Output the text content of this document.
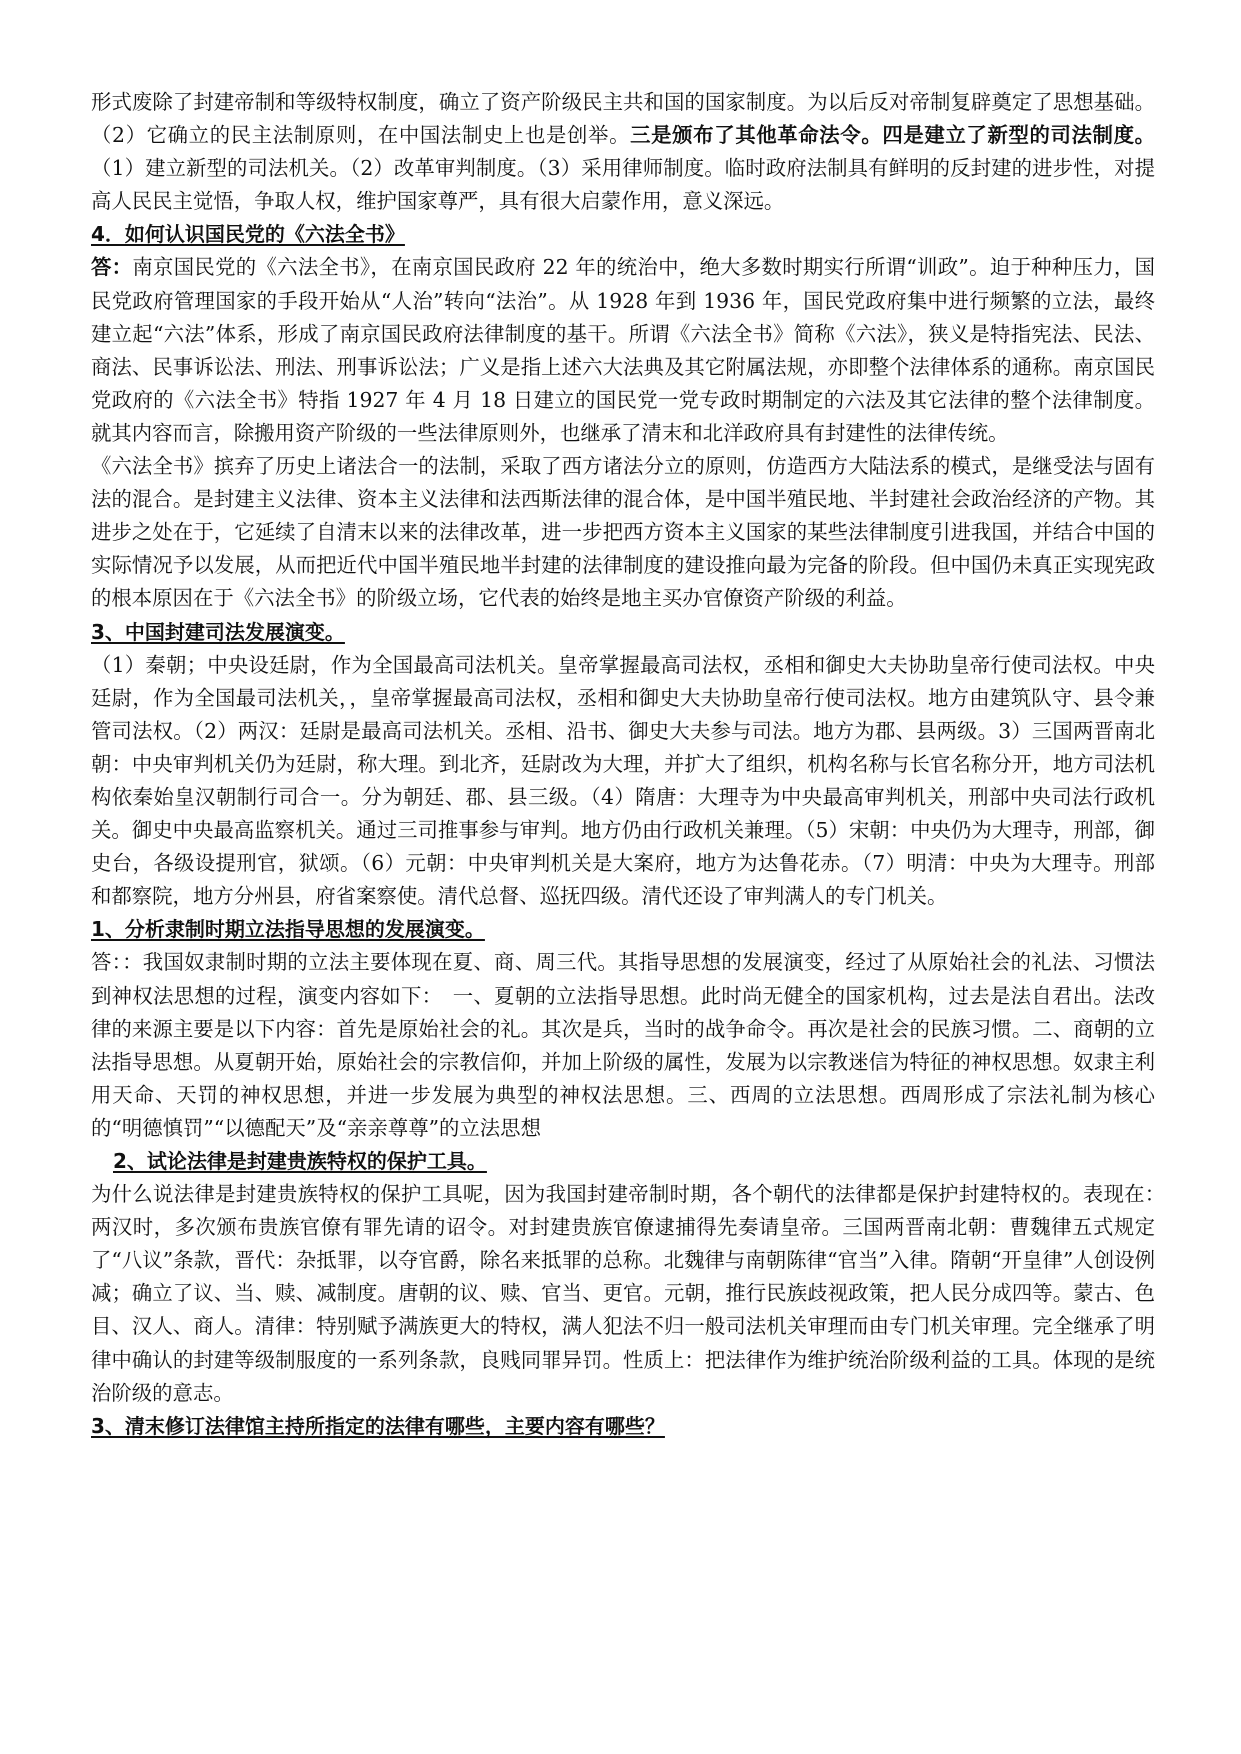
形式废除了封建帝制和等级特权制度，确立了资产阶级民主共和国的国家制度。为以后反对帝制复辟奠定了思想基础。（2）它确立的民主法制原则，在中国法制史上也是创举。三是颁布了其他革命法令。四是建立了新型的司法制度。（1）建立新型的司法机关。（2）改革审判制度。（3）采用律师制度。临时政府法制具有鲜明的反封建的进步性，对提高人民民主觉悟，争取人权，维护国家尊严，具有很大启蒙作用，意义深远。

4．如何认识国民党的《六法全书》

答：南京国民党的《六法全书》，在南京国民政府 22 年的统治中，绝大多数时期实行所谓“训政”。迫于种种压力，国民党政府管理国家的手段开始从“人治”转向“法治”。从 1928 年到 1936 年，国民党政府集中进行频繁的立法，最终建立起“六法”体系，形成了南京国民政府法律制度的基干。所谓《六法全书》简称《六法》，狭义是特指宪法、民法、商法、民事诉讼法、刑法、刑事诉讼法；广义是指上述六大法典及其它附属法规，亦即整个法律体系的通称。南京国民党政府的《六法全书》特指 1927 年 4 月 18 日建立的国民党一党专政时期制定的六法及其它法律的整个法律制度。就其内容而言，除搬用资产阶级的一些法律原则外，也继承了清末和北洋政府具有封建性的法律传统。

《六法全书》摈弃了历史上诸法合一的法制，采取了西方诸法分立的原则，仿造西方大陆法系的模式，是继受法与固有法的混合。是封建主义法律、资本主义法律和法西斯法律的混合体，是中国半殖民地、半封建社会政治经济的产物。其进步之处在于，它延续了自清末以来的法律改革，进一步把西方资本主义国家的某些法律制度引进我国，并结合中国的实际情况予以发展，从而把近代中国半殖民地半封建的法律制度的建设推向最为完备的阶段。但中国仍未真正实现宪政的根本原因在于《六法全书》的阶级立场，它代表的始终是地主买办官僚资产阶级的利益。

3、中国封建司法发展演变。

（1）秦朝；中央设廷尉，作为全国最高司法机关。皇帝掌握最高司法权，丞相和御史大夫协助皇帝行使司法权。中央廷尉，作为全国最司法机关，，皇帝掌握最高司法权，丞相和御史大夫协助皇帝行使司法权。地方由建筑队守、县令兼管司法权。（2）两汉：廷尉是最高司法机关。丞相、沿书、御史大夫参与司法。地方为郡、县两级。3）三国两晋南北朝：中央审判机关仍为廷尉，称大理。到北齐，廷尉改为大理，并扩大了组织，机构名称与长官名称分开，地方司法机构依秦始皇汉朝制行司合一。分为朝廷、郡、县三级。（4）隋唐：大理寺为中央最高审判机关，刑部中央司法行政机关。御史中央最高监察机关。通过三司推事参与审判。地方仍由行政机关兼理。（5）宋朝：中央仍为大理寺，刑部，御史台，各级设提刑官，狱颂。（6）元朝：中央审判机关是大案府，地方为达鲁花赤。（7）明清：中央为大理寺。刑部和都察院，地方分州县，府省案察使。清代总督、巡抚四级。清代还设了审判满人的专门机关。

1、分析隶制时期立法指导思想的发展演变。

答：：我国奴隶制时期的立法主要体现在夏、商、周三代。其指导思想的发展演变，经过了从原始社会的礼法、习惯法到神权法思想的过程，演变内容如下：　一、夏朝的立法指导思想。此时尚无健全的国家机构，过去是法自君出。法改律的来源主要是以下内容：首先是原始社会的礼。其次是兵，当时的战争命令。再次是社会的民族习惯。二、商朝的立法指导思想。从夏朝开始，原始社会的宗教信仰，并加上阶级的属性，发展为以宗教迷信为特征的神权思想。奴隶主利用天命、天罚的神权思想，并进一步发展为典型的神权法思想。三、西周的立法思想。西周形成了宗法礼制为核心的“明德慎罚”“以德配天”及“亲亲尊尊”的立法思想

2、试论法律是封建贵族特权的保护工具。

为什么说法律是封建贵族特权的保护工具呢，因为我国封建帝制时期，各个朝代的法律都是保护封建特权的。表现在：　两汉时，多次颁布贵族官僚有罪先请的诏令。对封建贵族官僚逮捕得先奏请皇帝。三国两晋南北朝：曹魏律五式规定了“八议”条款，晋代：杂抵罪，以夺官爵，除名来抵罪的总称。北魏律与南朝陈律“官当”入律。隋朝“开皇律”人创设例减；确立了议、当、赎、减制度。唐朝的议、赎、官当、更官。元朝，推行民族歧视政策，把人民分成四等。蒙古、色目、汉人、商人。清律：特别赋予满族更大的特权，满人犯法不归一般司法机关审理而由专门机关审理。完全继承了明律中确认的封建等级制服度的一系列条款，良贱同罪异罚。性质上：把法律作为维护统治阶级利益的工具。体现的是统治阶级的意志。

3、清末修订法律馆主持所指定的法律有哪些，主要内容有哪些？
